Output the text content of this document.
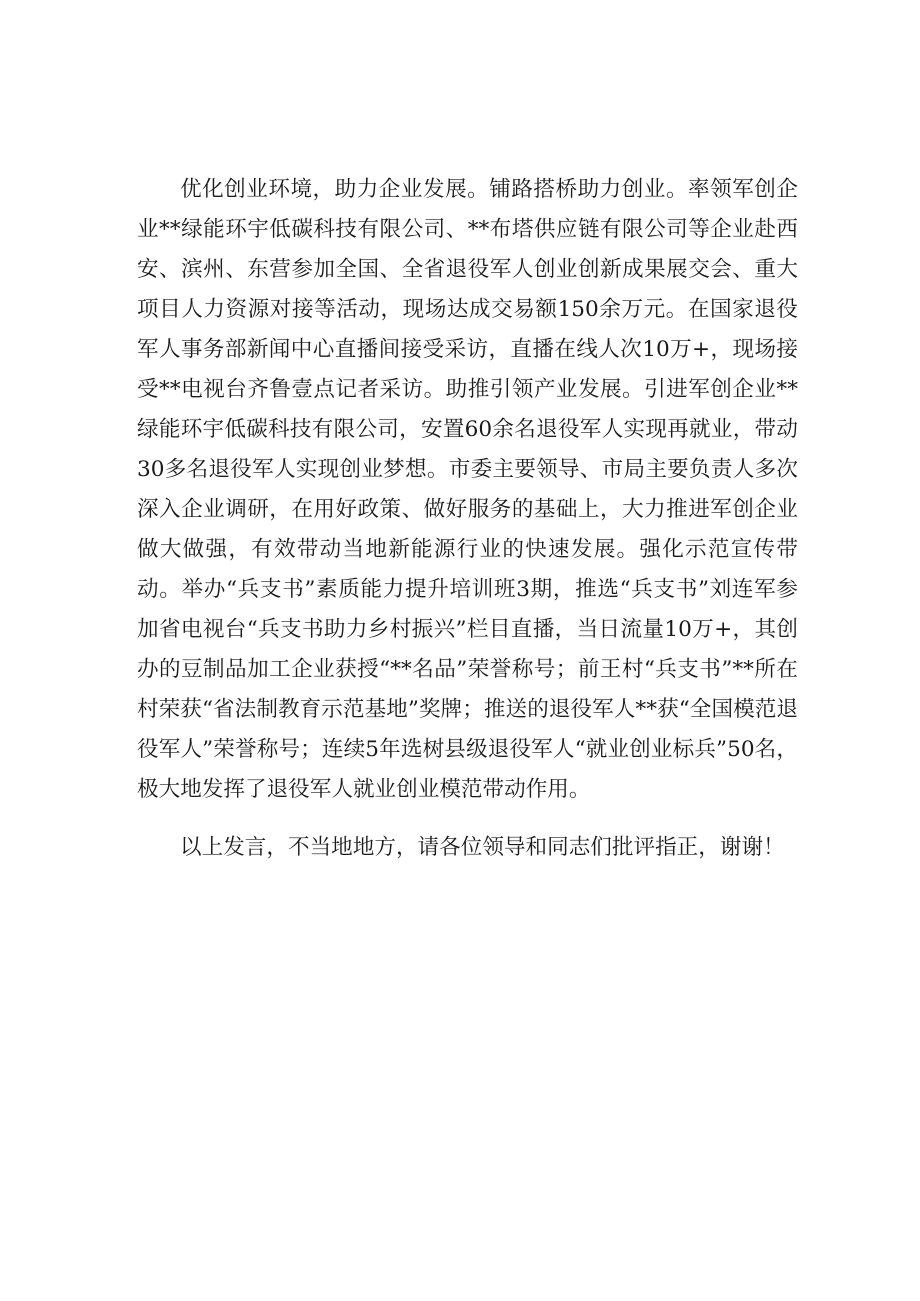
优化创业环境，助力企业发展。铺路搭桥助力创业。率领军创企业**绿能环宇低碳科技有限公司、**布塔供应链有限公司等企业赴西安、滨州、东营参加全国、全省退役军人创业创新成果展交会、重大项目人力资源对接等活动，现场达成交易额150余万元。在国家退役军人事务部新闻中心直播间接受采访，直播在线人次10万+，现场接受**电视台齐鲁壹点记者采访。助推引领产业发展。引进军创企业**绿能环宇低碳科技有限公司，安置60余名退役军人实现再就业，带动30多名退役军人实现创业梦想。市委主要领导、市局主要负责人多次深入企业调研，在用好政策、做好服务的基础上，大力推进军创企业做大做强，有效带动当地新能源行业的快速发展。强化示范宣传带动。举办“兵支书”素质能力提升培训班3期，推选“兵支书”刘连军参加省电视台“兵支书助力乡村振兴”栏目直播，当日流量10万+，其创办的豆制品加工企业获授“**名品”荣誉称号；前王村“兵支书”**所在村荣获“省法制教育示范基地”奖牌；推送的退役军人**获“全国模范退役军人”荣誉称号；连续5年选树县级退役军人“就业创业标兵”50名，极大地发挥了退役军人就业创业模范带动作用。

以上发言，不当地地方，请各位领导和同志们批评指正，谢谢！
